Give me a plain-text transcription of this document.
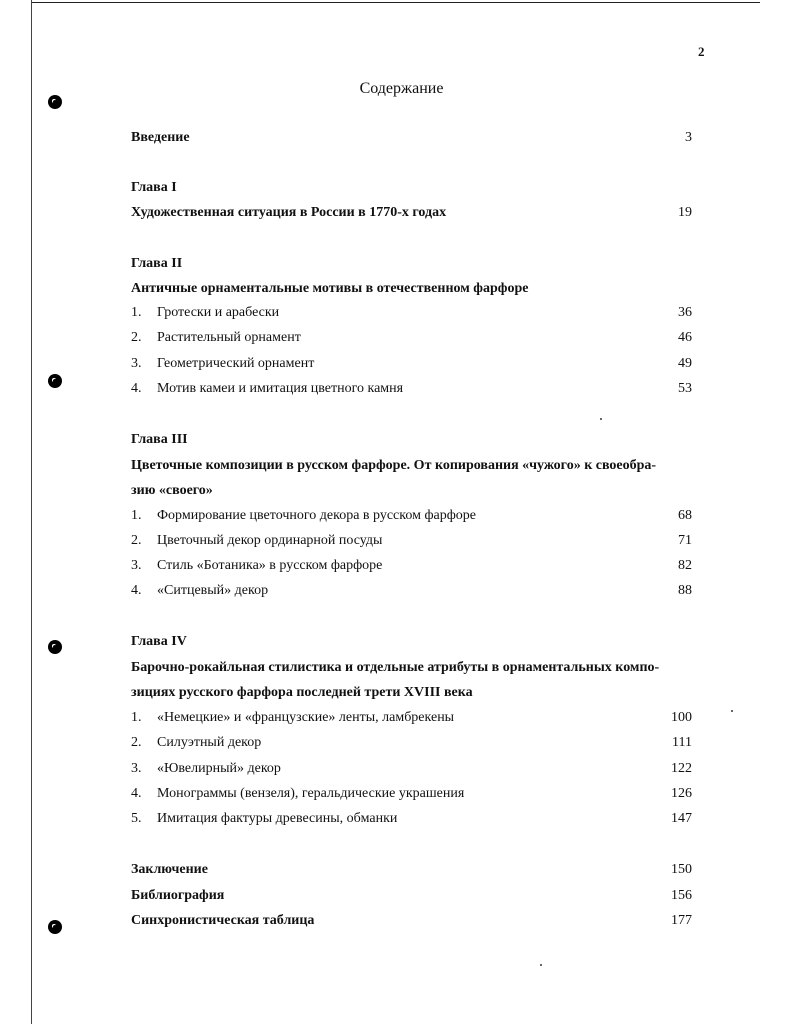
2
Содержание
Введение	3
Глава I
Художественная ситуация в России в 1770-х годах	19
Глава II
Античные орнаментальные мотивы в отечественном фарфоре
1. Гротески и арабески	36
2. Растительный орнамент	46
3. Геометрический орнамент	49
4. Мотив камеи и имитация цветного камня	53
Глава III
Цветочные композиции в русском фарфоре. От копирования «чужого» к своеобра-
зию «своего»
1. Формирование цветочного декора в русском фарфоре	68
2. Цветочный декор ординарной посуды	71
3. Стиль «Ботаника» в русском фарфоре	82
4. «Ситцевый» декор	88
Глава IV
Барочно-рокайльная стилистика и отдельные атрибуты в орнаментальных компо-
зициях русского фарфора последней трети XVIII века
1. «Немецкие» и «французские» ленты, ламбрекены	100
2. Силуэтный декор	111
3. «Ювелирный» декор	122
4. Монограммы (вензеля), геральдические украшения	126
5. Имитация фактуры древесины, обманки	147
Заключение	150
Библиография	156
Синхронистическая таблица	177
